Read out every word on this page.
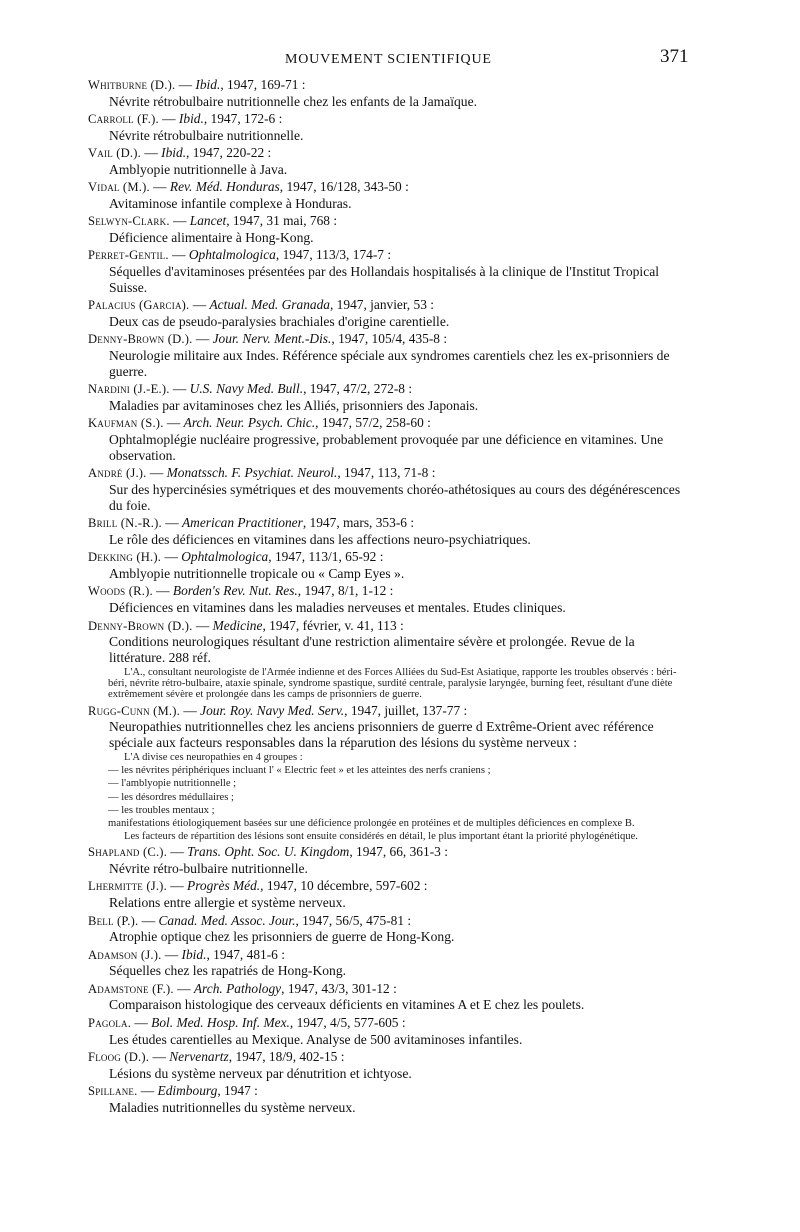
MOUVEMENT SCIENTIFIQUE	371
Whitburne (D.). — Ibid., 1947, 169-71 :
Névrite rétrobulbaire nutritionnelle chez les enfants de la Jamaïque.
Carroll (F.). — Ibid., 1947, 172-6 :
Névrite rétrobulbaire nutritionnelle.
Vail (D.). — Ibid., 1947, 220-22 :
Amblyopie nutritionnelle à Java.
Vidal (M.). — Rev. Méd. Honduras, 1947, 16/128, 343-50 :
Avitaminose infantile complexe à Honduras.
Selwyn-Clark. — Lancet, 1947, 31 mai, 768 :
Déficience alimentaire à Hong-Kong.
Perret-Gentil. — Ophtalmologica, 1947, 113/3, 174-7 :
Séquelles d'avitaminoses présentées par des Hollandais hospitalisés à la clinique de l'Institut Tropical Suisse.
Palacius (Garcia). — Actual. Med. Granada, 1947, janvier, 53 :
Deux cas de pseudo-paralysies brachiales d'origine carentielle.
Denny-Brown (D.). — Jour. Nerv. Ment.-Dis., 1947, 105/4, 435-8 :
Neurologie militaire aux Indes. Référence spéciale aux syndromes carentiels chez les ex-prisonniers de guerre.
Nardini (J.-E.). — U.S. Navy Med. Bull., 1947, 47/2, 272-8 :
Maladies par avitaminoses chez les Alliés, prisonniers des Japonais.
Kaufman (S.). — Arch. Neur. Psych. Chic., 1947, 57/2, 258-60 :
Ophtalmoplégie nucléaire progressive, probablement provoquée par une déficience en vitamines. Une observation.
André (J.). — Monatssch. F. Psychiat. Neurol., 1947, 113, 71-8 :
Sur des hypercinésies symétriques et des mouvements choréo-athétosiques au cours des dégénérescences du foie.
Brill (N.-R.). — American Practitioner, 1947, mars, 353-6 :
Le rôle des déficiences en vitamines dans les affections neuro-psychiatriques.
Dekking (H.). — Ophtalmologica, 1947, 113/1, 65-92 :
Amblyopie nutritionnelle tropicale ou « Camp Eyes ».
Woods (R.). — Borden's Rev. Nut. Res., 1947, 8/1, 1-12 :
Déficiences en vitamines dans les maladies nerveuses et mentales. Etudes cliniques.
Denny-Brown (D.). — Medicine, 1947, février, v. 41, 113 :
Conditions neurologiques résultant d'une restriction alimentaire sévère et prolongée. Revue de la littérature. 288 réf.
L'A., consultant neurologiste de l'Armée indienne et des Forces Alliées du Sud-Est Asiatique, rapporte les troubles observés : béri-béri, névrite rétro-bulbaire, ataxie spinale, syndrome spastique, surdité centrale, paralysie laryngée, burning feet, résultant d'une diète extrêmement sévère et prolongée dans les camps de prisonniers de guerre.
Rugg-Cunn (M.). — Jour. Roy. Navy Med. Serv., 1947, juillet, 137-77 :
Neuropathies nutritionnelles chez les anciens prisonniers de guerre d Extrême-Orient avec référence spéciale aux facteurs responsables dans la réparution des lésions du système nerveux :
L'A divise ces neuropathies en 4 groupes :
— les névrites périphériques incluant l' « Electric feet » et les atteintes des nerfs craniens ;
— l'amblyopie nutritionnelle ;
— les désordres médullaires ;
— les troubles mentaux ;
manifestations étiologiquement basées sur une déficience prolongée en protéines et de multiples déficiences en complexe B.
Les facteurs de répartition des lésions sont ensuite considérés en détail, le plus important étant la priorité phylogénétique.
Shapland (C.). — Trans. Opht. Soc. U. Kingdom, 1947, 66, 361-3 :
Névrite rétro-bulbaire nutritionnelle.
Lhermitte (J.). — Progrès Méd., 1947, 10 décembre, 597-602 :
Relations entre allergie et système nerveux.
Bell (P.). — Canad. Med. Assoc. Jour., 1947, 56/5, 475-81 :
Atrophie optique chez les prisonniers de guerre de Hong-Kong.
Adamson (J.). — Ibid., 1947, 481-6 :
Séquelles chez les rapatriés de Hong-Kong.
Adamstone (F.). — Arch. Pathology, 1947, 43/3, 301-12 :
Comparaison histologique des cerveaux déficients en vitamines A et E chez les poulets.
Pagola. — Bol. Med. Hosp. Inf. Mex., 1947, 4/5, 577-605 :
Les études carentielles au Mexique. Analyse de 500 avitaminoses infantiles.
Floog (D.). — Nervenartz, 1947, 18/9, 402-15 :
Lésions du système nerveux par dénutrition et ichtyose.
Spillane. — Edimbourg, 1947 :
Maladies nutritionnelles du système nerveux.
